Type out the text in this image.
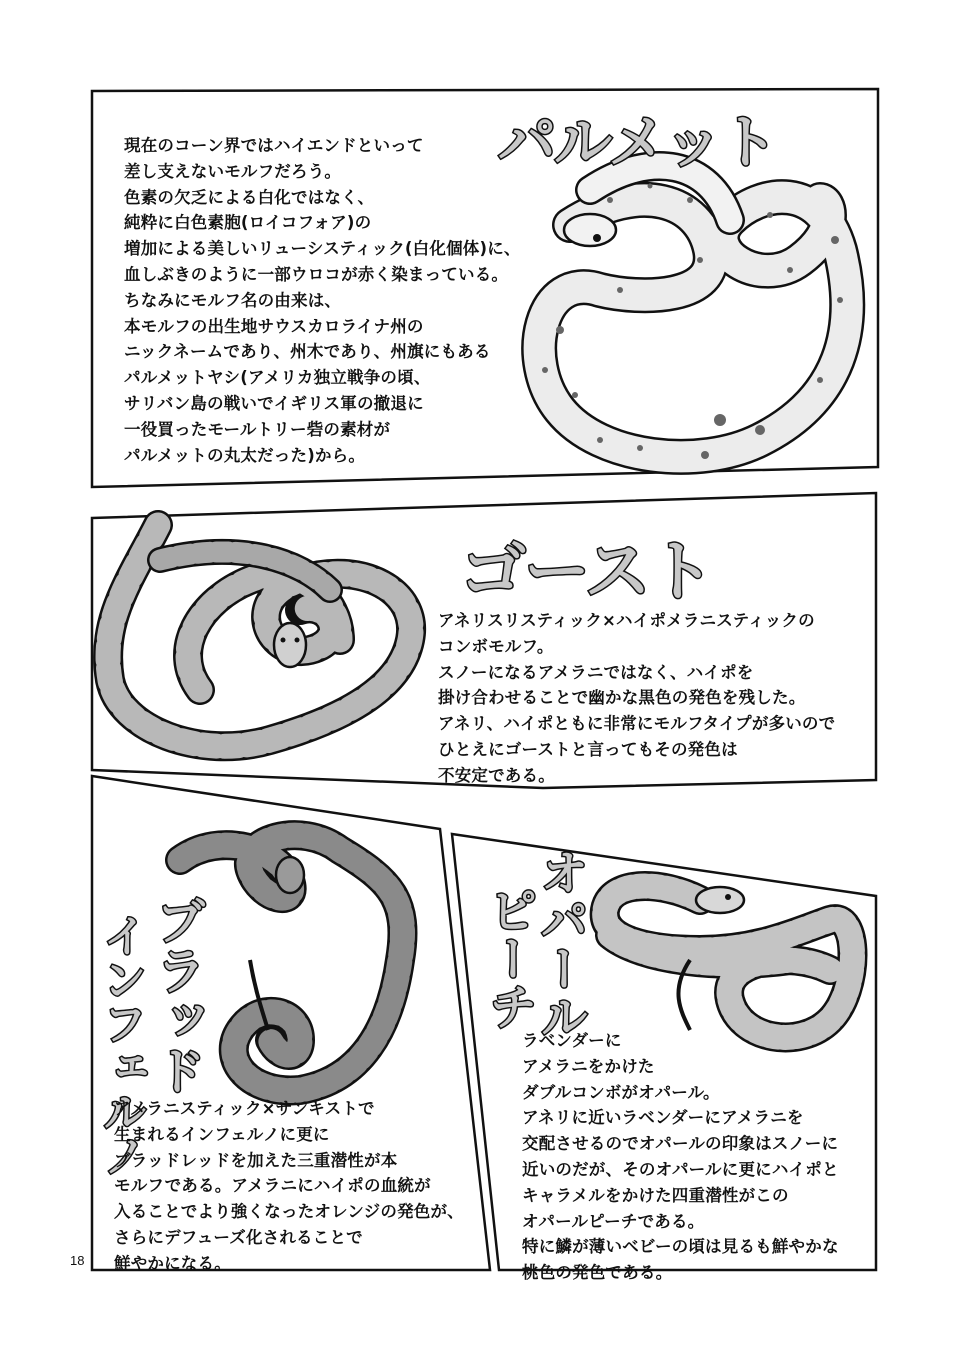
パルメット

現在のコーン界ではハイエンドといって
差し支えないモルフだろう。
色素の欠乏による白化ではなく、
純粋に白色素胞(ロイコフォア)の
増加による美しいリューシスティック(白化個体)に、
血しぶきのように一部ウロコが赤く染まっている。
ちなみにモルフ名の由来は、
本モルフの出生地サウスカロライナ州の
ニックネームであり、州木であり、州旗にもある
パルメットヤシ(アメリカ独立戦争の頃、
サリバン島の戦いでイギリス軍の撤退に
一役買ったモールトリー砦の素材が
パルメットの丸太だった)から。

ゴースト

アネリスリスティック×ハイポメラニスティックの
コンボモルフ。
スノーになるアメラニではなく、ハイポを
掛け合わせることで幽かな黒色の発色を残した。
アネリ、ハイポともに非常にモルフタイプが多いので
ひとえにゴーストと言ってもその発色は
不安定である。

ブラッド
インフェルノ

アメラニスティック×サンキストで
生まれるインフェルノに更に
ブラッドレッドを加えた三重潜性が本
モルフである。アメラニにハイポの血統が
入ることでより強くなったオレンジの発色が、
さらにデフューズ化されることで
鮮やかになる。

オパール
ピーチ

ラベンダーに
アメラニをかけた
ダブルコンボがオパール。
アネリに近いラベンダーにアメラニを
交配させるのでオパールの印象はスノーに
近いのだが、そのオパールに更にハイポと
キャラメルをかけた四重潜性がこの
オパールピーチである。
特に鱗が薄いベビーの頃は見るも鮮やかな
桃色の発色である。

18
